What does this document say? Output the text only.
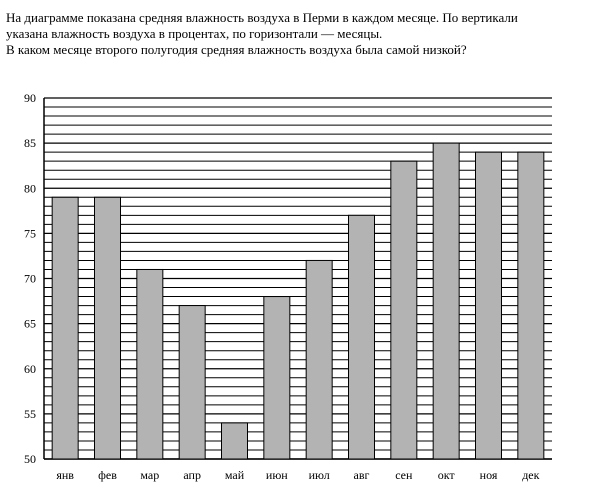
На диаграмме показана средняя влажность воздуха в Перми в каждом месяце. По вертикали

указана влажность воздуха в процентах, по горизонтали — месяцы.

В каком месяце второго полугодия средняя влажность воздуха была самой низкой?

50
55
60
65
70
75
80
85
90
янв фев мар апр май июн июл авг сен окт ноя дек
